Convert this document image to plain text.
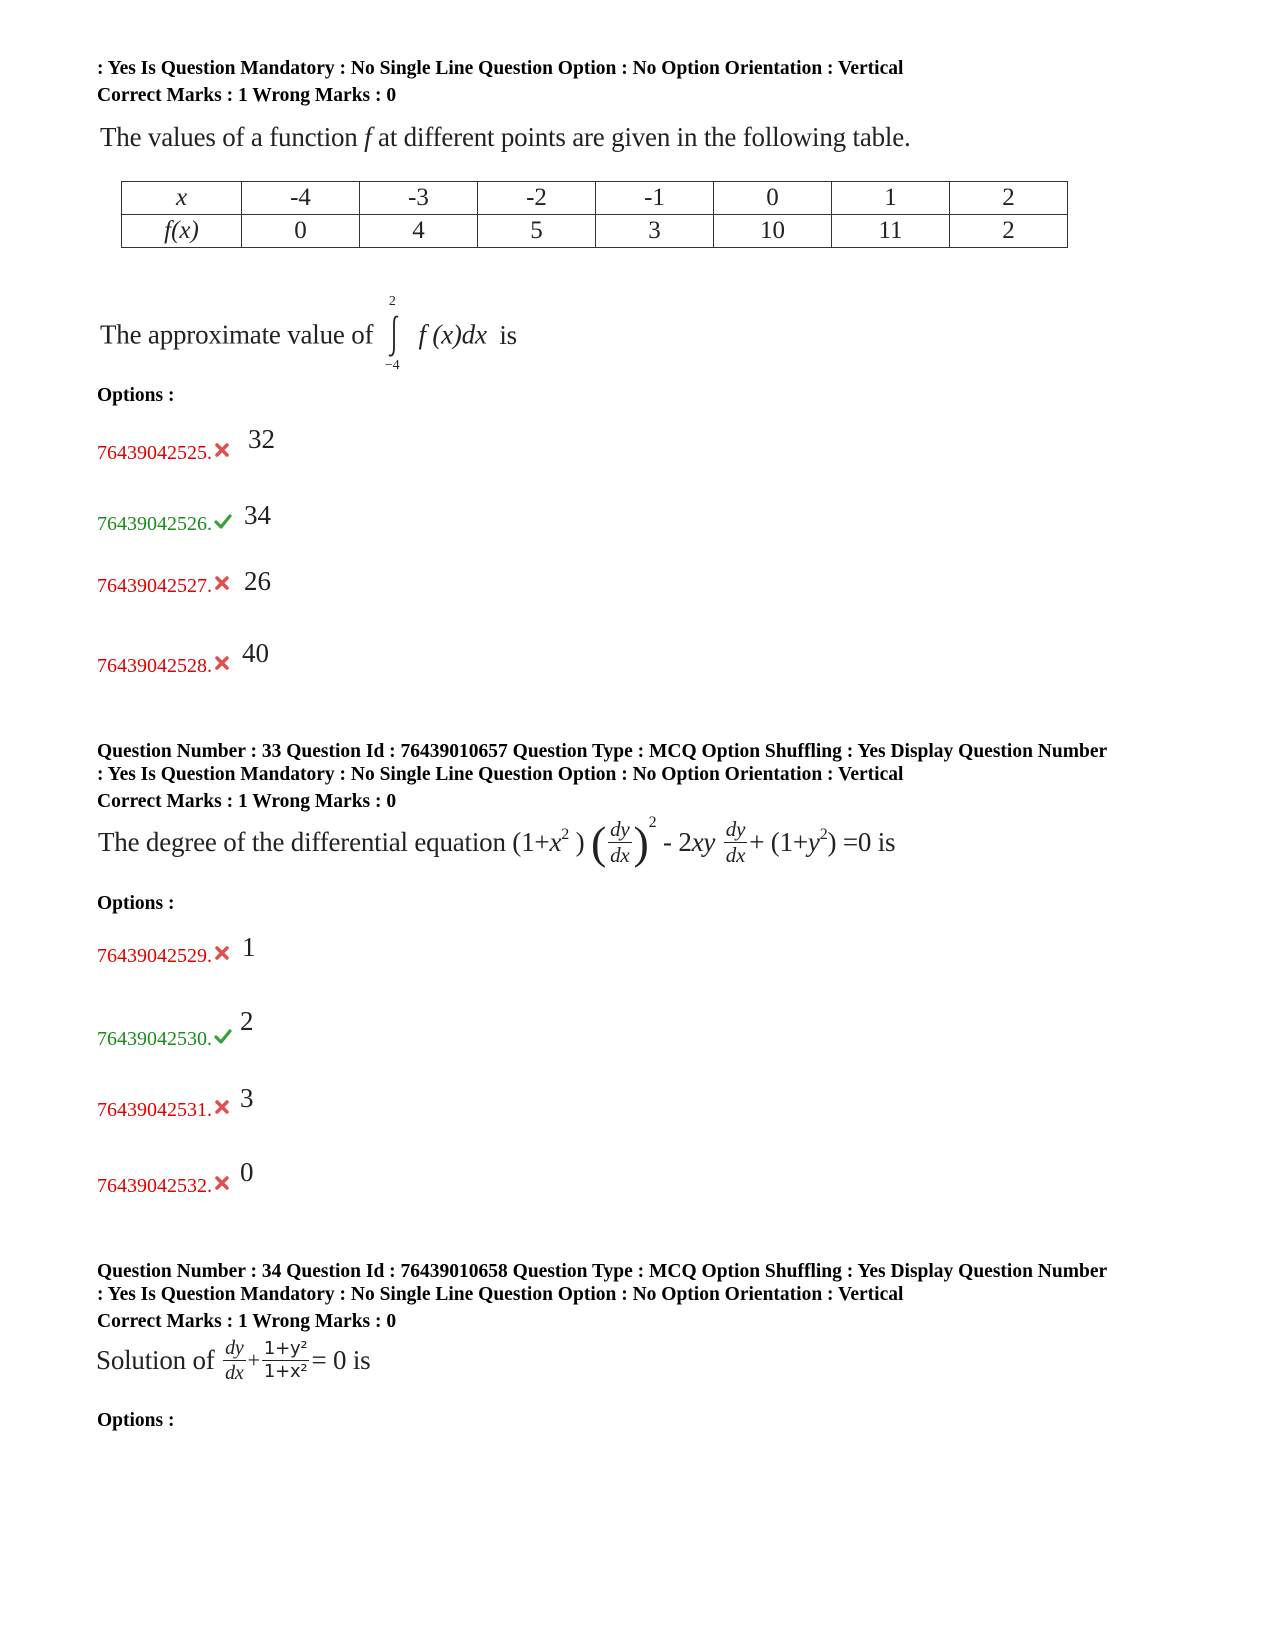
: Yes Is Question Mandatory : No Single Line Question Option : No Option Orientation : Vertical
Correct Marks : 1 Wrong Marks : 0
The values of a function f at different points are given in the following table.
x	-4	-3	-2	-1	0	1	2
f(x)	0	4	5	3	10	11	2
The approximate value of
2
−4
f (x)dx is
Options :
76439042525. 32
76439042526. 34
76439042527. 26
76439042528. 40
Question Number : 33 Question Id : 76439010657 Question Type : MCQ Option Shuffling : Yes Display Question Number
: Yes Is Question Mandatory : No Single Line Question Option : No Option Orientation : Vertical
Correct Marks : 1 Wrong Marks : 0
The degree of the differential equation ($1+x^2$ ) ( $\frac{dy}{dx} )^2 - 2xy \frac{dy}{dx} + (1+y^2) =0$ is
Options :
76439042529. 1
76439042530.
2
76439042531. 3
76439042532. 0
Question Number : 34 Question Id : 76439010658 Question Type : MCQ Option Shuffling : Yes Display Question Number
: Yes Is Question Mandatory : No Single Line Question Option : No Option Orientation : Vertical
Correct Marks : 1 Wrong Marks : 0
Solution of $\frac{dy}{dx} + \frac{\text{1+y²}}{\text{1+x²}} = 0$ is
Options :
